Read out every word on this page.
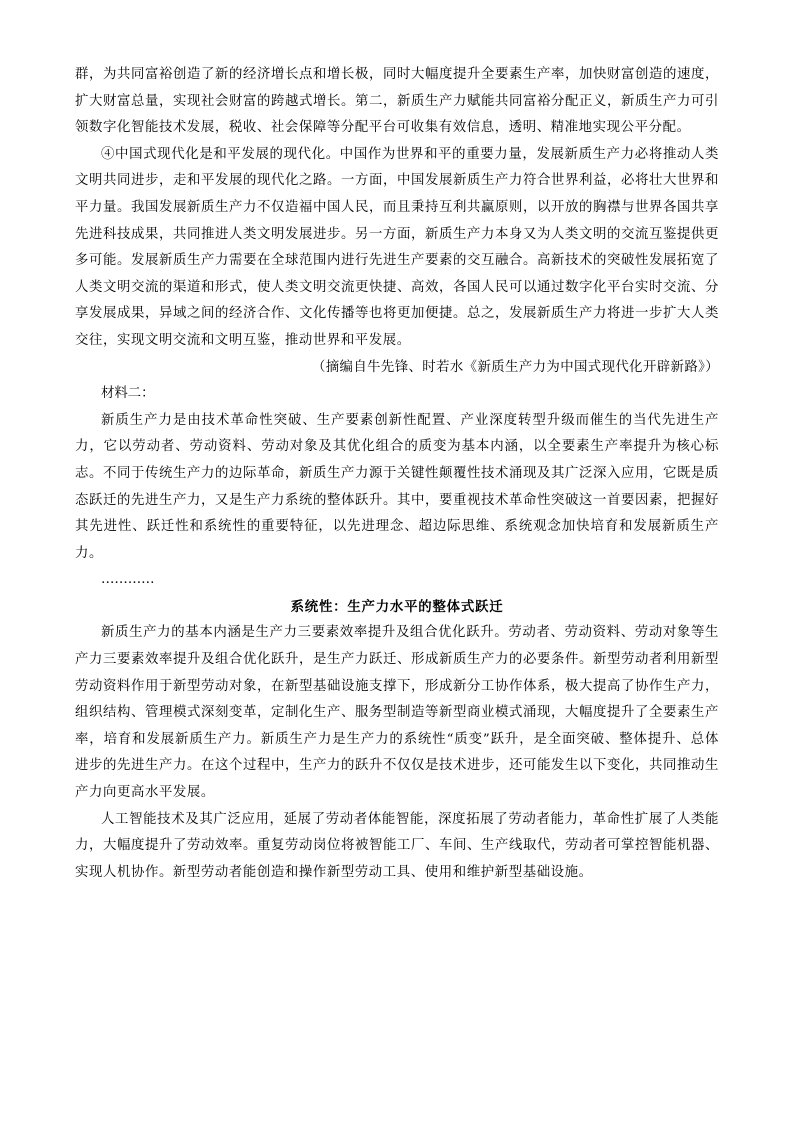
群，为共同富裕创造了新的经济增长点和增长极，同时大幅度提升全要素生产率，加快财富创造的速度，扩大财富总量，实现社会财富的跨越式增长。第二，新质生产力赋能共同富裕分配正义，新质生产力可引领数字化智能技术发展，税收、社会保障等分配平台可收集有效信息，透明、精准地实现公平分配。

④中国式现代化是和平发展的现代化。中国作为世界和平的重要力量，发展新质生产力必将推动人类文明共同进步，走和平发展的现代化之路。一方面，中国发展新质生产力符合世界利益，必将壮大世界和平力量。我国发展新质生产力不仅造福中国人民，而且秉持互利共赢原则，以开放的胸襟与世界各国共享先进科技成果，共同推进人类文明发展进步。另一方面，新质生产力本身又为人类文明的交流互鉴提供更多可能。发展新质生产力需要在全球范围内进行先进生产要素的交互融合。高新技术的突破性发展拓宽了人类文明交流的渠道和形式，使人类文明交流更快捷、高效，各国人民可以通过数字化平台实时交流、分享发展成果，异域之间的经济合作、文化传播等也将更加便捷。总之，发展新质生产力将进一步扩大人类交往，实现文明交流和文明互鉴，推动世界和平发展。

（摘编自牛先锋、时若水《新质生产力为中国式现代化开辟新路》）

材料二：

新质生产力是由技术革命性突破、生产要素创新性配置、产业深度转型升级而催生的当代先进生产力，它以劳动者、劳动资料、劳动对象及其优化组合的质变为基本内涵，以全要素生产率提升为核心标志。不同于传统生产力的边际革命，新质生产力源于关键性颠覆性技术涌现及其广泛深入应用，它既是质态跃迁的先进生产力，又是生产力系统的整体跃升。其中，要重视技术革命性突破这一首要因素，把握好其先进性、跃迁性和系统性的重要特征，以先进理念、超边际思维、系统观念加快培育和发展新质生产力。

…………

系统性：生产力水平的整体式跃迁

新质生产力的基本内涵是生产力三要素效率提升及组合优化跃升。劳动者、劳动资料、劳动对象等生产力三要素效率提升及组合优化跃升，是生产力跃迁、形成新质生产力的必要条件。新型劳动者利用新型劳动资料作用于新型劳动对象，在新型基础设施支撑下，形成新分工协作体系，极大提高了协作生产力，组织结构、管理模式深刻变革，定制化生产、服务型制造等新型商业模式涌现，大幅度提升了全要素生产率，培育和发展新质生产力。新质生产力是生产力的系统性“质变”跃升，是全面突破、整体提升、总体进步的先进生产力。在这个过程中，生产力的跃升不仅仅是技术进步，还可能发生以下变化，共同推动生产力向更高水平发展。

人工智能技术及其广泛应用，延展了劳动者体能智能，深度拓展了劳动者能力，革命性扩展了人类能力，大幅度提升了劳动效率。重复劳动岗位将被智能工厂、车间、生产线取代，劳动者可掌控智能机器、实现人机协作。新型劳动者能创造和操作新型劳动工具、使用和维护新型基础设施。
